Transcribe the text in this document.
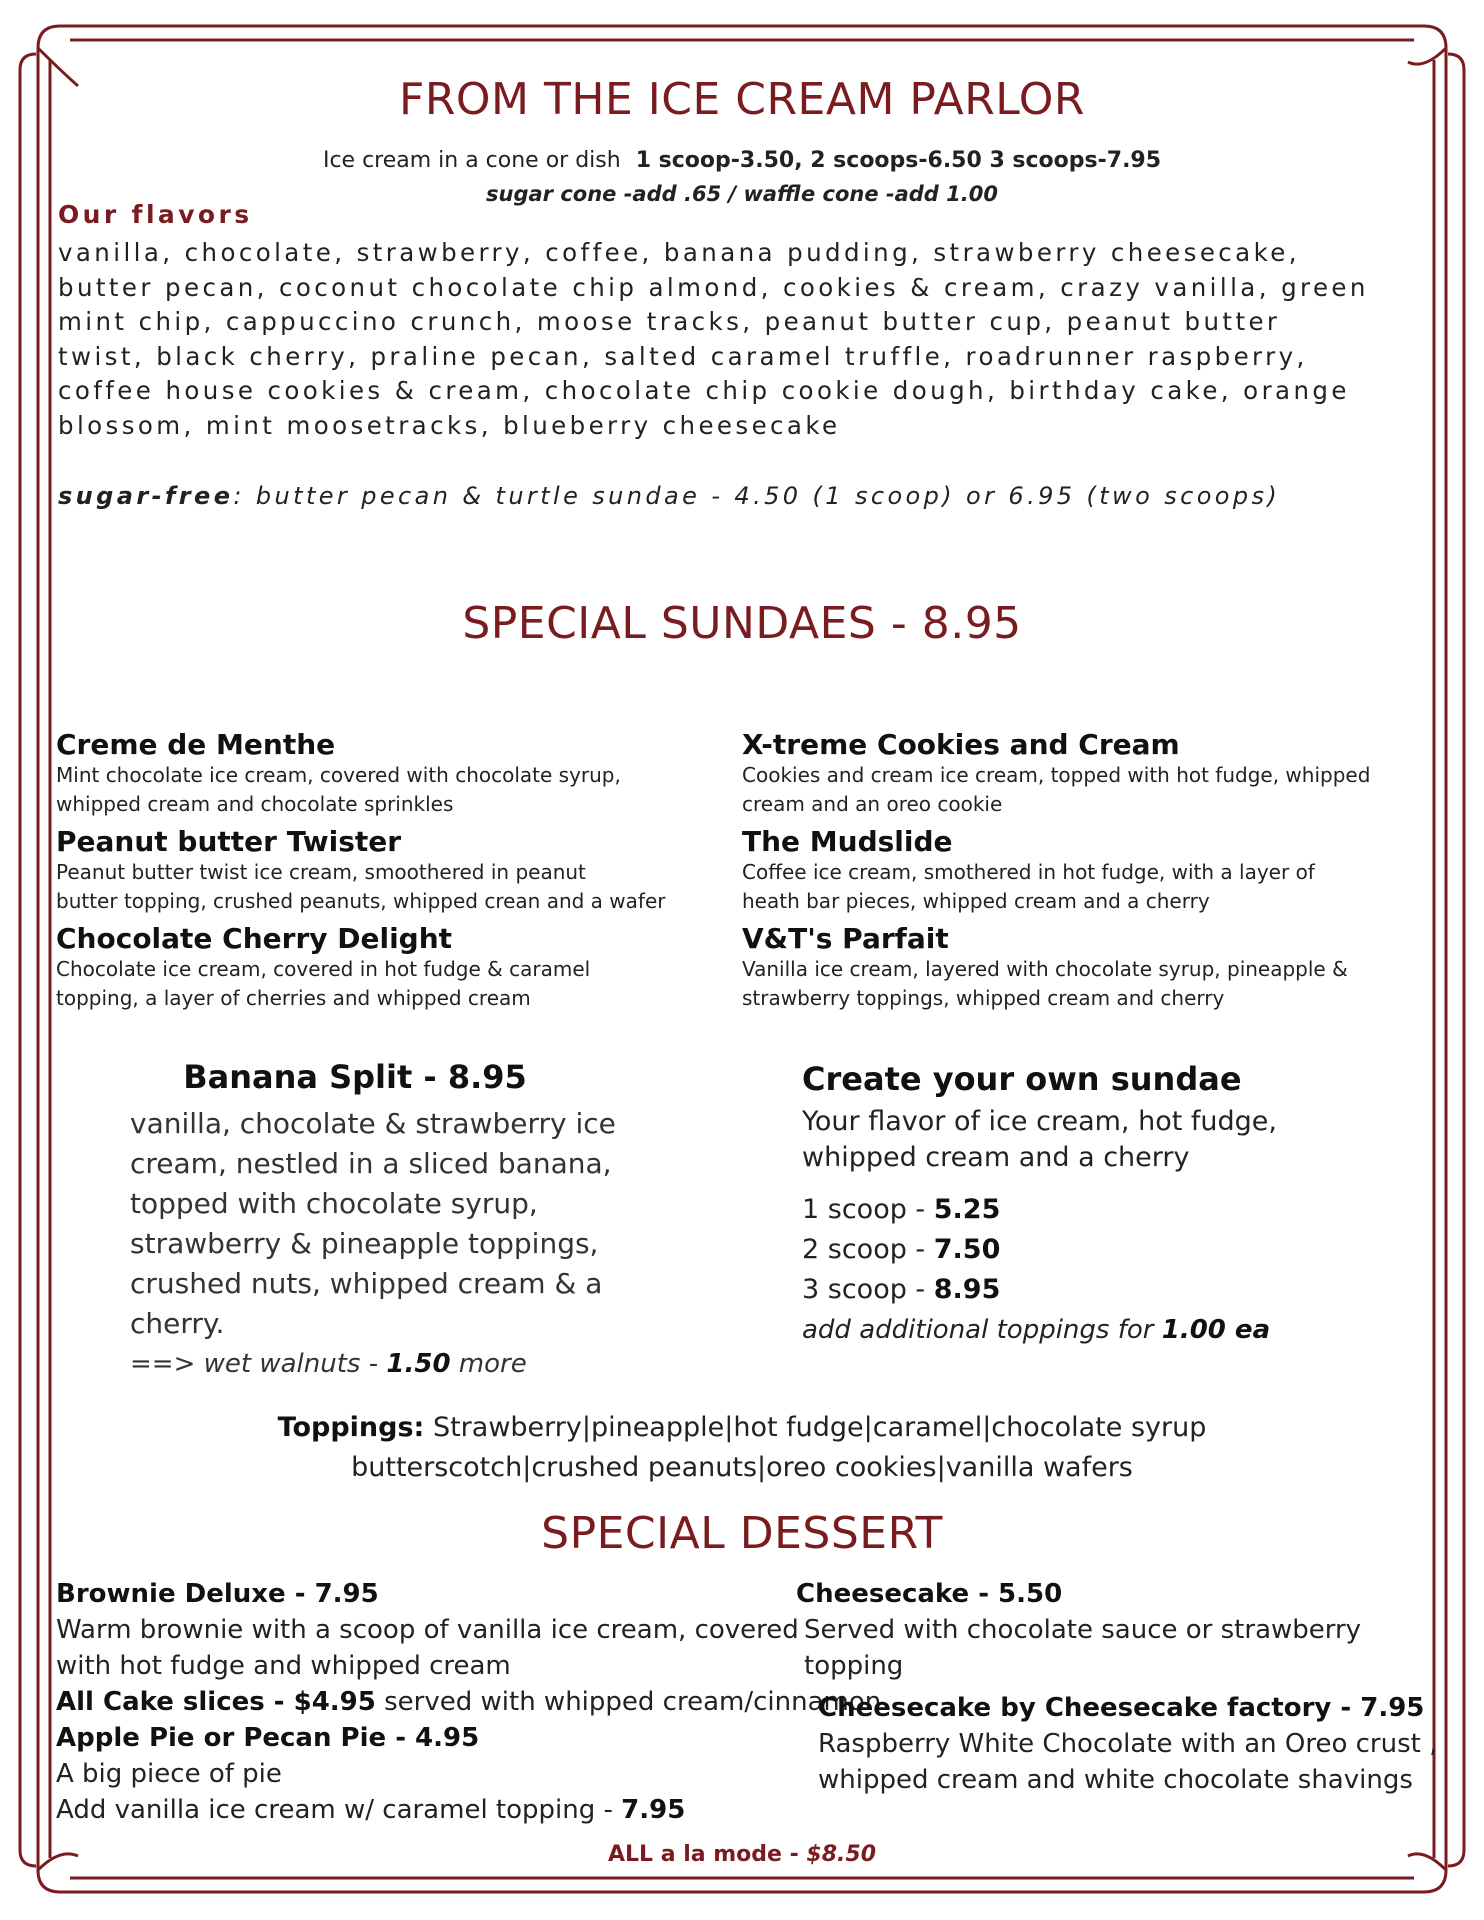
FROM THE ICE CREAM PARLOR
Ice cream in a cone or dish 1 scoop-3.50, 2 scoops-6.50 3 scoops-7.95
sugar cone -add .65 / waffle cone -add 1.00
Our flavors
vanilla, chocolate, strawberry, coffee, banana pudding, strawberry cheesecake,
butter pecan, coconut chocolate chip almond, cookies & cream, crazy vanilla, green
mint chip, cappuccino crunch, moose tracks, peanut butter cup, peanut butter
twist, black cherry, praline pecan, salted caramel truffle, roadrunner raspberry,
coffee house cookies & cream, chocolate chip cookie dough, birthday cake, orange
blossom, mint moosetracks, blueberry cheesecake
sugar-free: butter pecan & turtle sundae - 4.50 (1 scoop) or 6.95 (two scoops)
SPECIAL SUNDAES - 8.95
Creme de Menthe
Mint chocolate ice cream, covered with chocolate syrup,
whipped cream and chocolate sprinkles
Peanut butter Twister
Peanut butter twist ice cream, smoothered in peanut
butter topping, crushed peanuts, whipped crean and a wafer
Chocolate Cherry Delight
Chocolate ice cream, covered in hot fudge & caramel
topping, a layer of cherries and whipped cream
X-treme Cookies and Cream
Cookies and cream ice cream, topped with hot fudge, whipped
cream and an oreo cookie
The Mudslide
Coffee ice cream, smothered in hot fudge, with a layer of
heath bar pieces, whipped cream and a cherry
V&T's Parfait
Vanilla ice cream, layered with chocolate syrup, pineapple &
strawberry toppings, whipped cream and cherry
Banana Split - 8.95
vanilla, chocolate & strawberry ice
cream, nestled in a sliced banana,
topped with chocolate syrup,
strawberry & pineapple toppings,
crushed nuts, whipped cream & a
cherry.
==> wet walnuts - 1.50 more
Create your own sundae
Your flavor of ice cream, hot fudge,
whipped cream and a cherry
1 scoop - 5.25
2 scoop - 7.50
3 scoop - 8.95
add additional toppings for 1.00 ea
Toppings: Strawberry|pineapple|hot fudge|caramel|chocolate syrup
butterscotch|crushed peanuts|oreo cookies|vanilla wafers
SPECIAL DESSERT
Brownie Deluxe - 7.95
Warm brownie with a scoop of vanilla ice cream, covered
with hot fudge and whipped cream
All Cake slices - $4.95 served with whipped cream/cinnamon
Apple Pie or Pecan Pie - 4.95
A big piece of pie
Add vanilla ice cream w/ caramel topping - 7.95
Cheesecake - 5.50
Served with chocolate sauce or strawberry topping
Cheesecake by Cheesecake factory - 7.95
Raspberry White Chocolate with an Oreo crust ,
whipped cream and white chocolate shavings
ALL a la mode - $8.50
